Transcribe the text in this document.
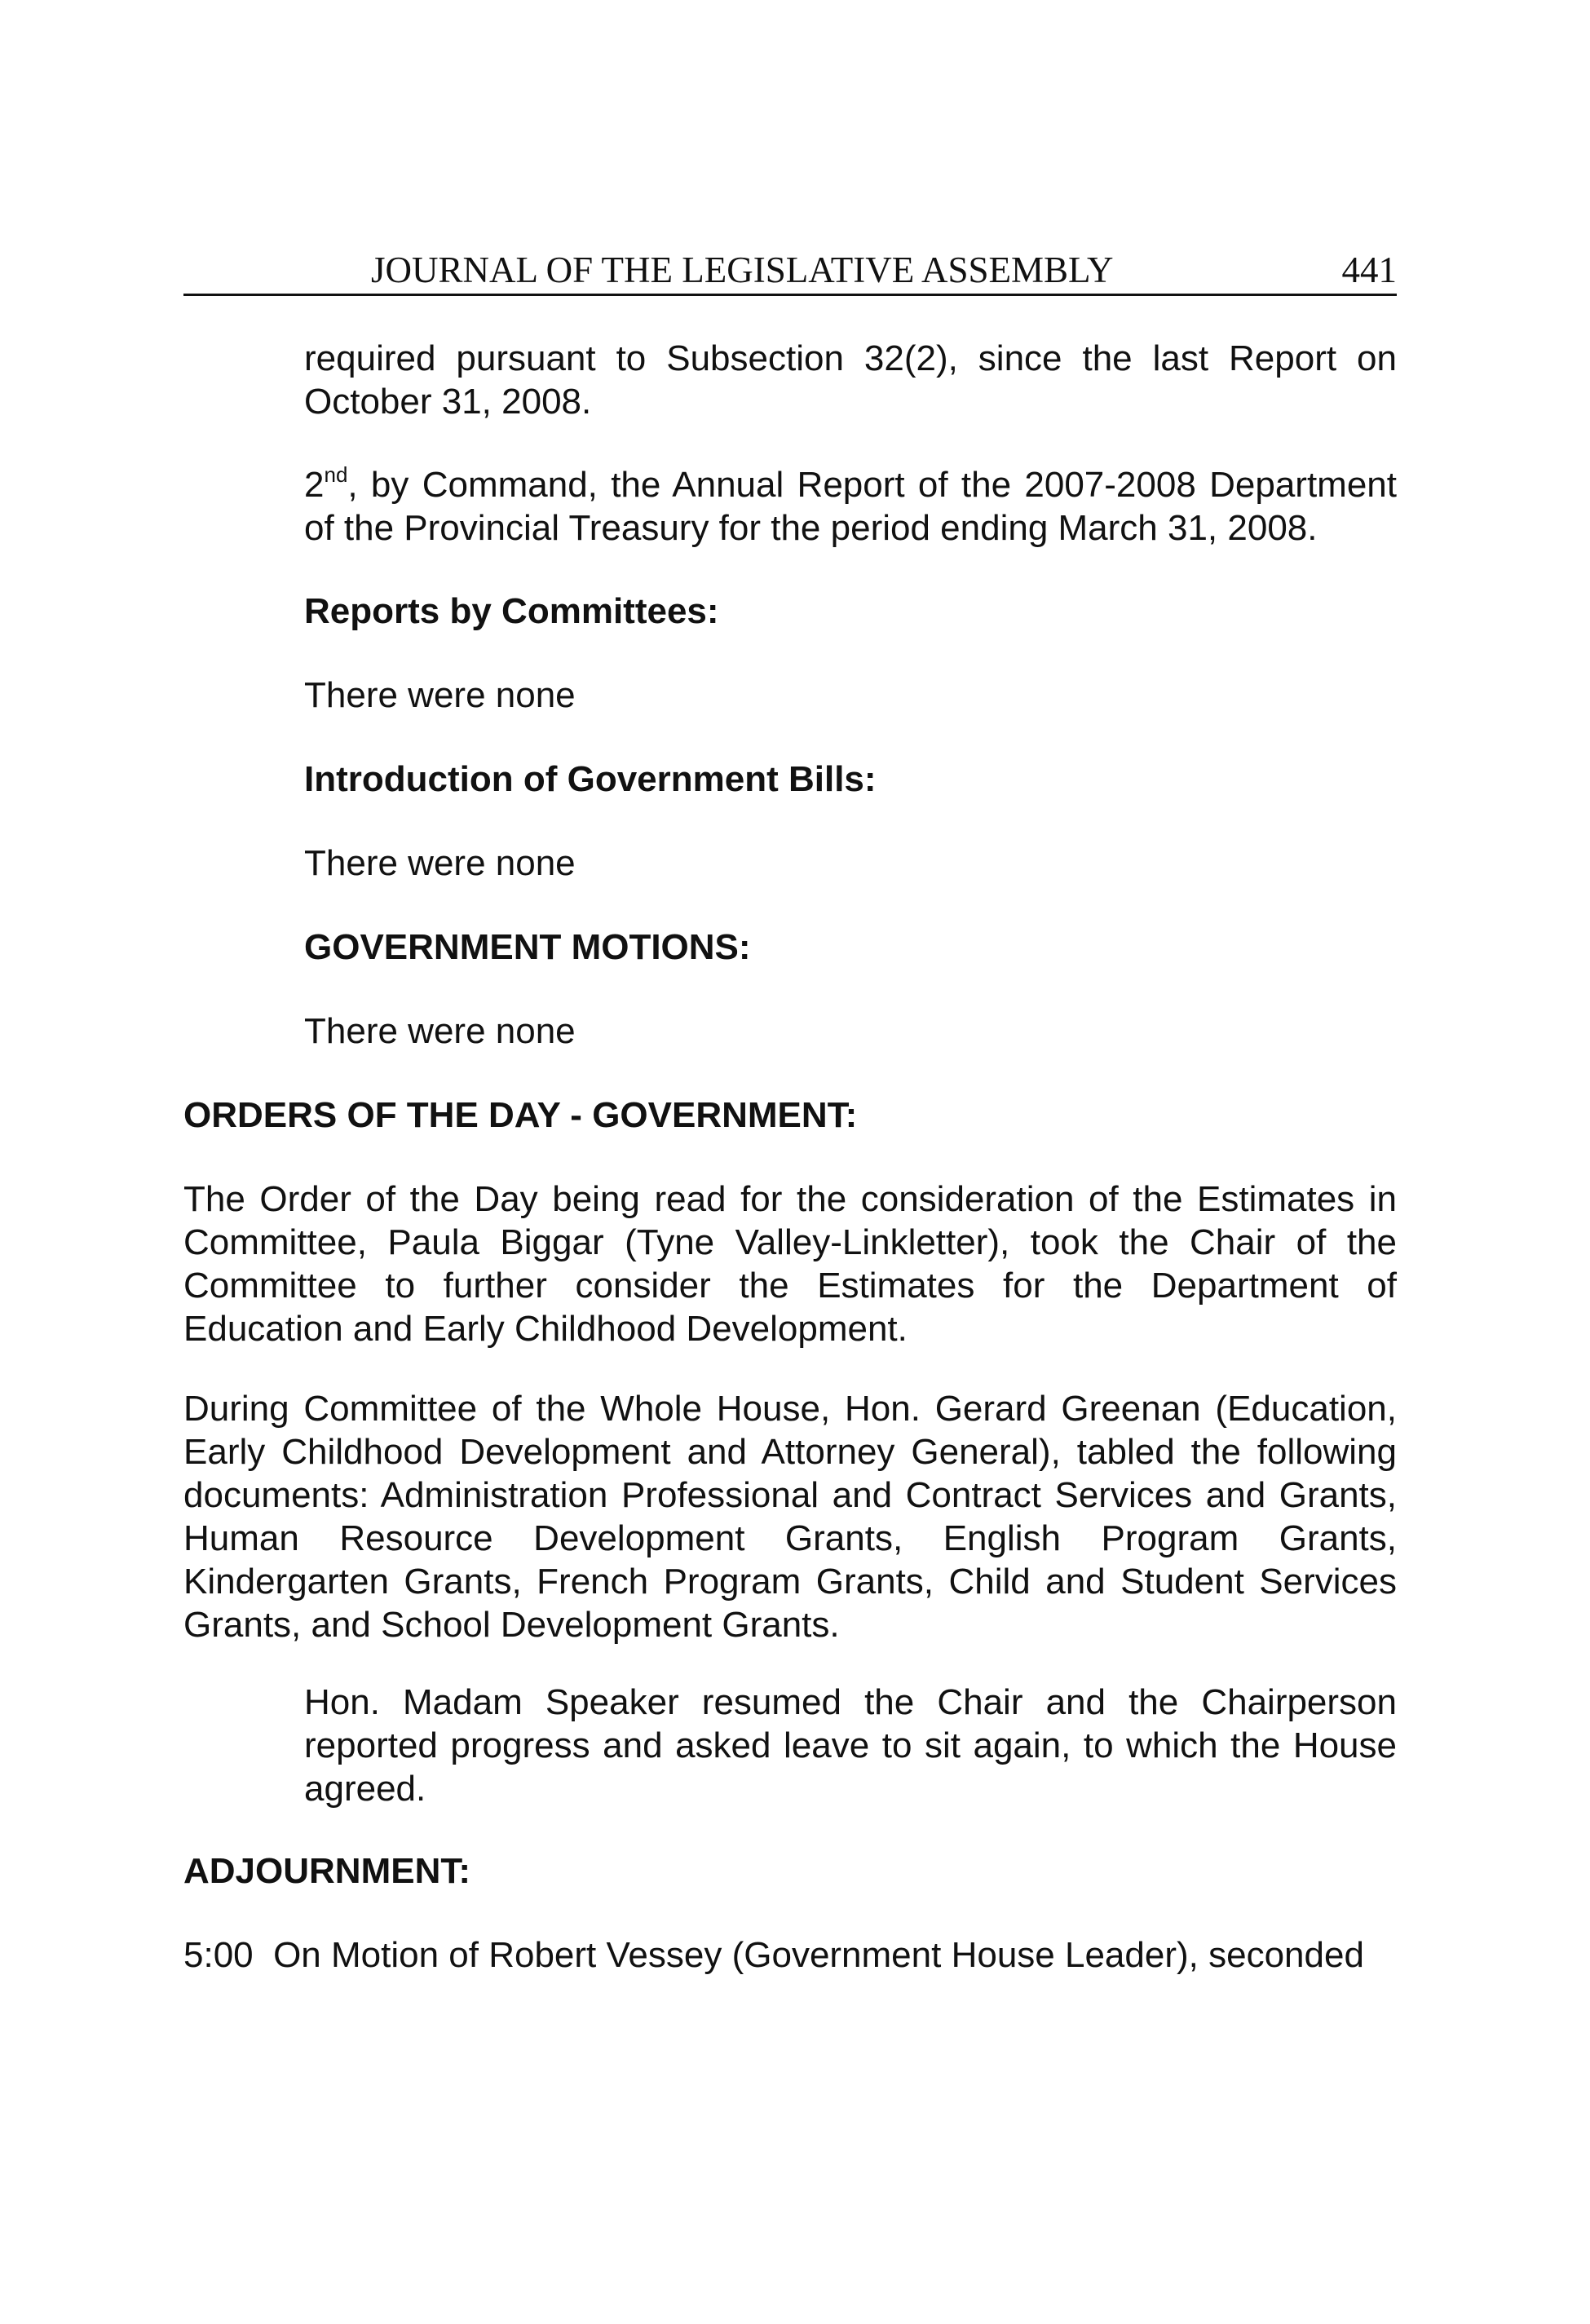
JOURNAL OF THE LEGISLATIVE ASSEMBLY	441

required pursuant to Subsection 32(2), since the last Report on October 31, 2008.

2nd, by Command, the Annual Report of the 2007-2008 Department of the Provincial Treasury for the period ending March 31, 2008.

Reports by Committees:

There were none

Introduction of Government Bills:

There were none

GOVERNMENT MOTIONS:

There were none

ORDERS OF THE DAY - GOVERNMENT:

The Order of the Day being read for the consideration of the Estimates in Committee, Paula Biggar (Tyne Valley-Linkletter), took the Chair of the Committee to further consider the Estimates for the Department of Education and Early Childhood Development.

During Committee of the Whole House, Hon. Gerard Greenan (Education, Early Childhood Development and Attorney General), tabled the following documents: Administration Professional and Contract Services and Grants, Human Resource Development Grants, English Program Grants, Kindergarten Grants, French Program Grants, Child and Student Services Grants, and School Development Grants.

Hon. Madam Speaker resumed the Chair and the Chairperson reported progress and asked leave to sit again, to which the House agreed.

ADJOURNMENT:

5:00  On Motion of Robert Vessey (Government House Leader), seconded
